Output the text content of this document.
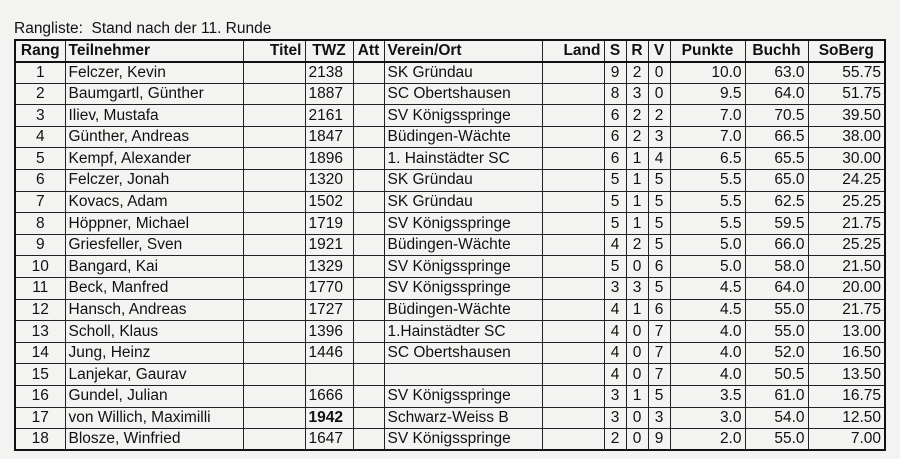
Rangliste:  Stand nach der 11. Runde
Rang	Teilnehmer	Titel	TWZ	Att	Verein/Ort	Land	S	R	V	Punkte	Buchh	SoBerg
1	Felczer, Kevin		2138		SK Gründau		9	2	0	10.0	63.0	55.75
2	Baumgartl, Günther		1887		SC Obertshausen		8	3	0	9.5	64.0	51.75
3	Iliev, Mustafa		2161		SV Königsspringe		6	2	2	7.0	70.5	39.50
4	Günther, Andreas		1847		Büdingen-Wächte		6	2	3	7.0	66.5	38.00
5	Kempf, Alexander		1896		1. Hainstädter SC		6	1	4	6.5	65.5	30.00
6	Felczer, Jonah		1320		SK Gründau		5	1	5	5.5	65.0	24.25
7	Kovacs, Adam		1502		SK Gründau		5	1	5	5.5	62.5	25.25
8	Höppner, Michael		1719		SV Königsspringe		5	1	5	5.5	59.5	21.75
9	Griesfeller, Sven		1921		Büdingen-Wächte		4	2	5	5.0	66.0	25.25
10	Bangard, Kai		1329		SV Königsspringe		5	0	6	5.0	58.0	21.50
11	Beck, Manfred		1770		SV Königsspringe		3	3	5	4.5	64.0	20.00
12	Hansch, Andreas		1727		Büdingen-Wächte		4	1	6	4.5	55.0	21.75
13	Scholl, Klaus		1396		1.Hainstädter SC		4	0	7	4.0	55.0	13.00
14	Jung, Heinz		1446		SC Obertshausen		4	0	7	4.0	52.0	16.50
15	Lanjekar, Gaurav						4	0	7	4.0	50.5	13.50
16	Gundel, Julian		1666		SV Königsspringe		3	1	5	3.5	61.0	16.75
17	von Willich, Maximilli		1942		Schwarz-Weiss B		3	0	3	3.0	54.0	12.50
18	Blosze, Winfried		1647		SV Königsspringe		2	0	9	2.0	55.0	7.00
